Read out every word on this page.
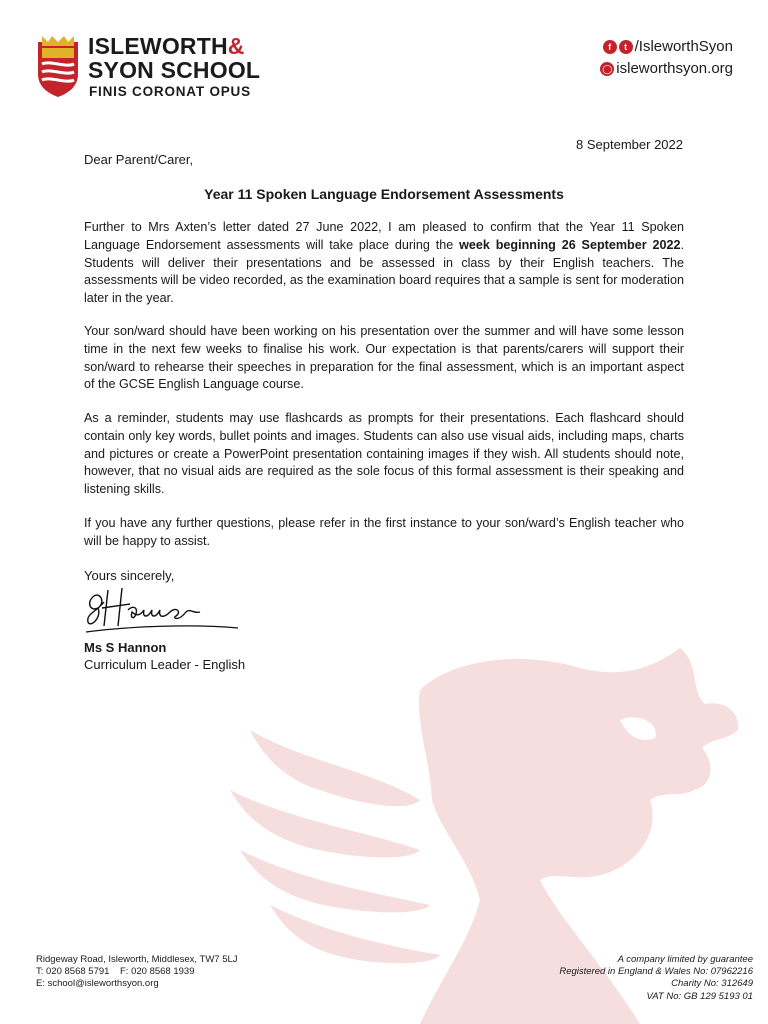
ISLEWORTH&
SYON SCHOOL
FINIS CORONAT OPUS
f	t /IsleworthSyon
◯ isleworthsyon.org
8 September 2022
Dear Parent/Carer,
Year 11 Spoken Language Endorsement Assessments
Further to Mrs Axten’s letter dated 27 June 2022, I am pleased to confirm that the Year 11 Spoken Language Endorsement assessments will take place during the week beginning 26 September 2022. Students will deliver their presentations and be assessed in class by their English teachers. The assessments will be video recorded, as the examination board requires that a sample is sent for moderation later in the year.
Your son/ward should have been working on his presentation over the summer and will have some lesson time in the next few weeks to finalise his work. Our expectation is that parents/carers will support their son/ward to rehearse their speeches in preparation for the final assessment, which is an important aspect of the GCSE English Language course.
As a reminder, students may use flashcards as prompts for their presentations. Each flashcard should contain only key words, bullet points and images. Students can also use visual aids, including maps, charts and pictures or create a PowerPoint presentation containing images if they wish. All students should note, however, that no visual aids are required as the sole focus of this formal assessment is their speaking and listening skills.
If you have any further questions, please refer in the first instance to your son/ward’s English teacher who will be happy to assist.
Yours sincerely,
Ms S Hannon
Curriculum Leader - English
Ridgeway Road, Isleworth, Middlesex, TW7 5LJ
T: 020 8568 5791 F: 020 8568 1939
E: school@isleworthsyon.org
A company limited by guarantee
Registered in England & Wales No: 07962216
Charity No: 312649
VAT No: GB 129 5193 01
